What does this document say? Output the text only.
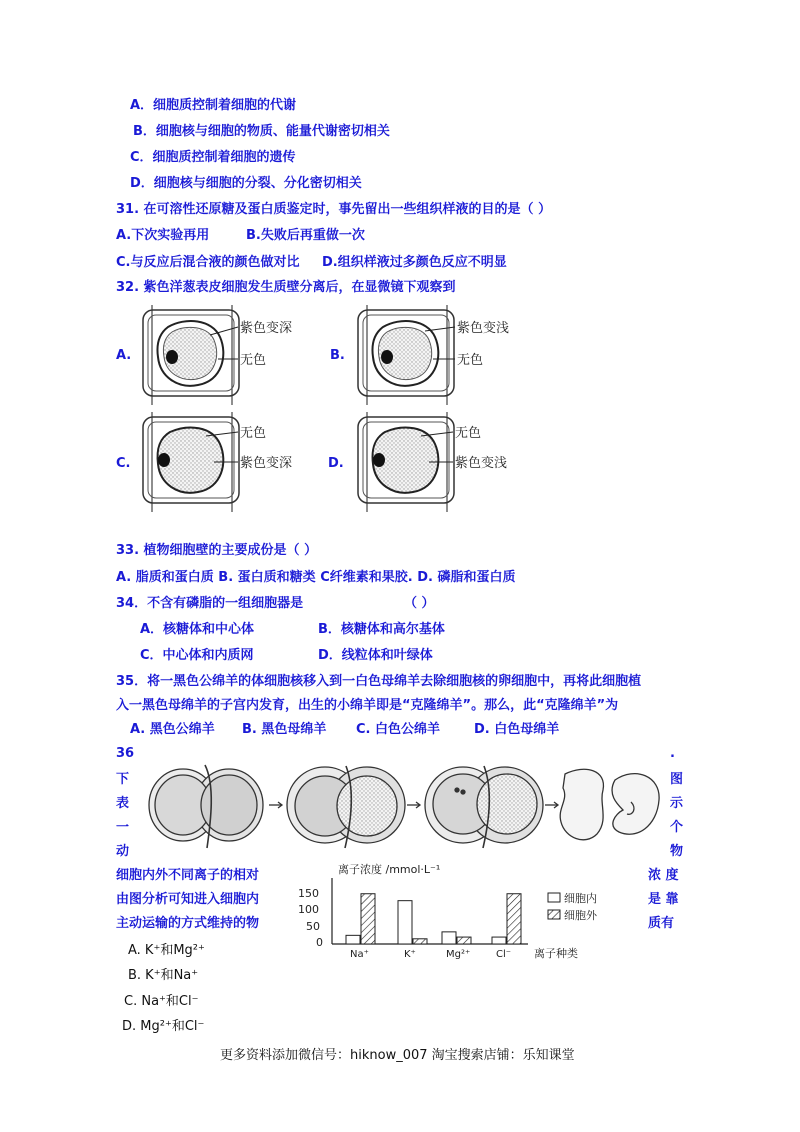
A．细胞质控制着细胞的代谢
B．细胞核与细胞的物质、能量代谢密切相关
C．细胞质控制着细胞的遗传
D．细胞核与细胞的分裂、分化密切相关
31. 在可溶性还原糖及蛋白质鉴定时，事先留出一些组织样液的目的是（ ）
A.下次实验再用	B.失败后再重做一次
C.与反应后混合液的颜色做对比 D.组织样液过多颜色反应不明显
32. 紫色洋葱表皮细胞发生质壁分离后，在显微镜下观察到
A.	B.
C.	D.
紫色变深
无色
紫色变浅
无色
无色
紫色变深
无色
紫色变浅
33. 植物细胞壁的主要成份是（ ）
A. 脂质和蛋白质 B. 蛋白质和糖类 C纤维素和果胶. D. 磷脂和蛋白质
34．不含有磷脂的一组细胞器是	（ ）
A．核糖体和中心体	B．核糖体和高尔基体
C．中心体和内质网	D．线粒体和叶绿体
35．将一黑色公绵羊的体细胞核移入到一白色母绵羊去除细胞核的卵细胞中，再将此细胞植
入一黑色母绵羊的子宫内发育，出生的小绵羊即是“克隆绵羊”。那么，此“克隆绵羊”为
A. 黑色公绵羊 B. 黑色母绵羊 C. 白色公绵羊	D. 白色母绵羊
36
下
表
一
动
.
图
示
个
物
细胞内外不同离子的相对	浓 度
由图分析可知进入细胞内	是 靠
主动运输的方式维持的物	质有
离子浓度 /mmol·L⁻¹
150
100
50
0
Na⁺	K⁺	Mg²⁺	Cl⁻ 离子种类
细胞内
细胞外
A. K⁺和Mg²⁺
B. K⁺和Na⁺
C. Na⁺和Cl⁻
D. Mg²⁺和Cl⁻
更多资料添加微信号：hiknow_007 淘宝搜索店铺：乐知课堂
